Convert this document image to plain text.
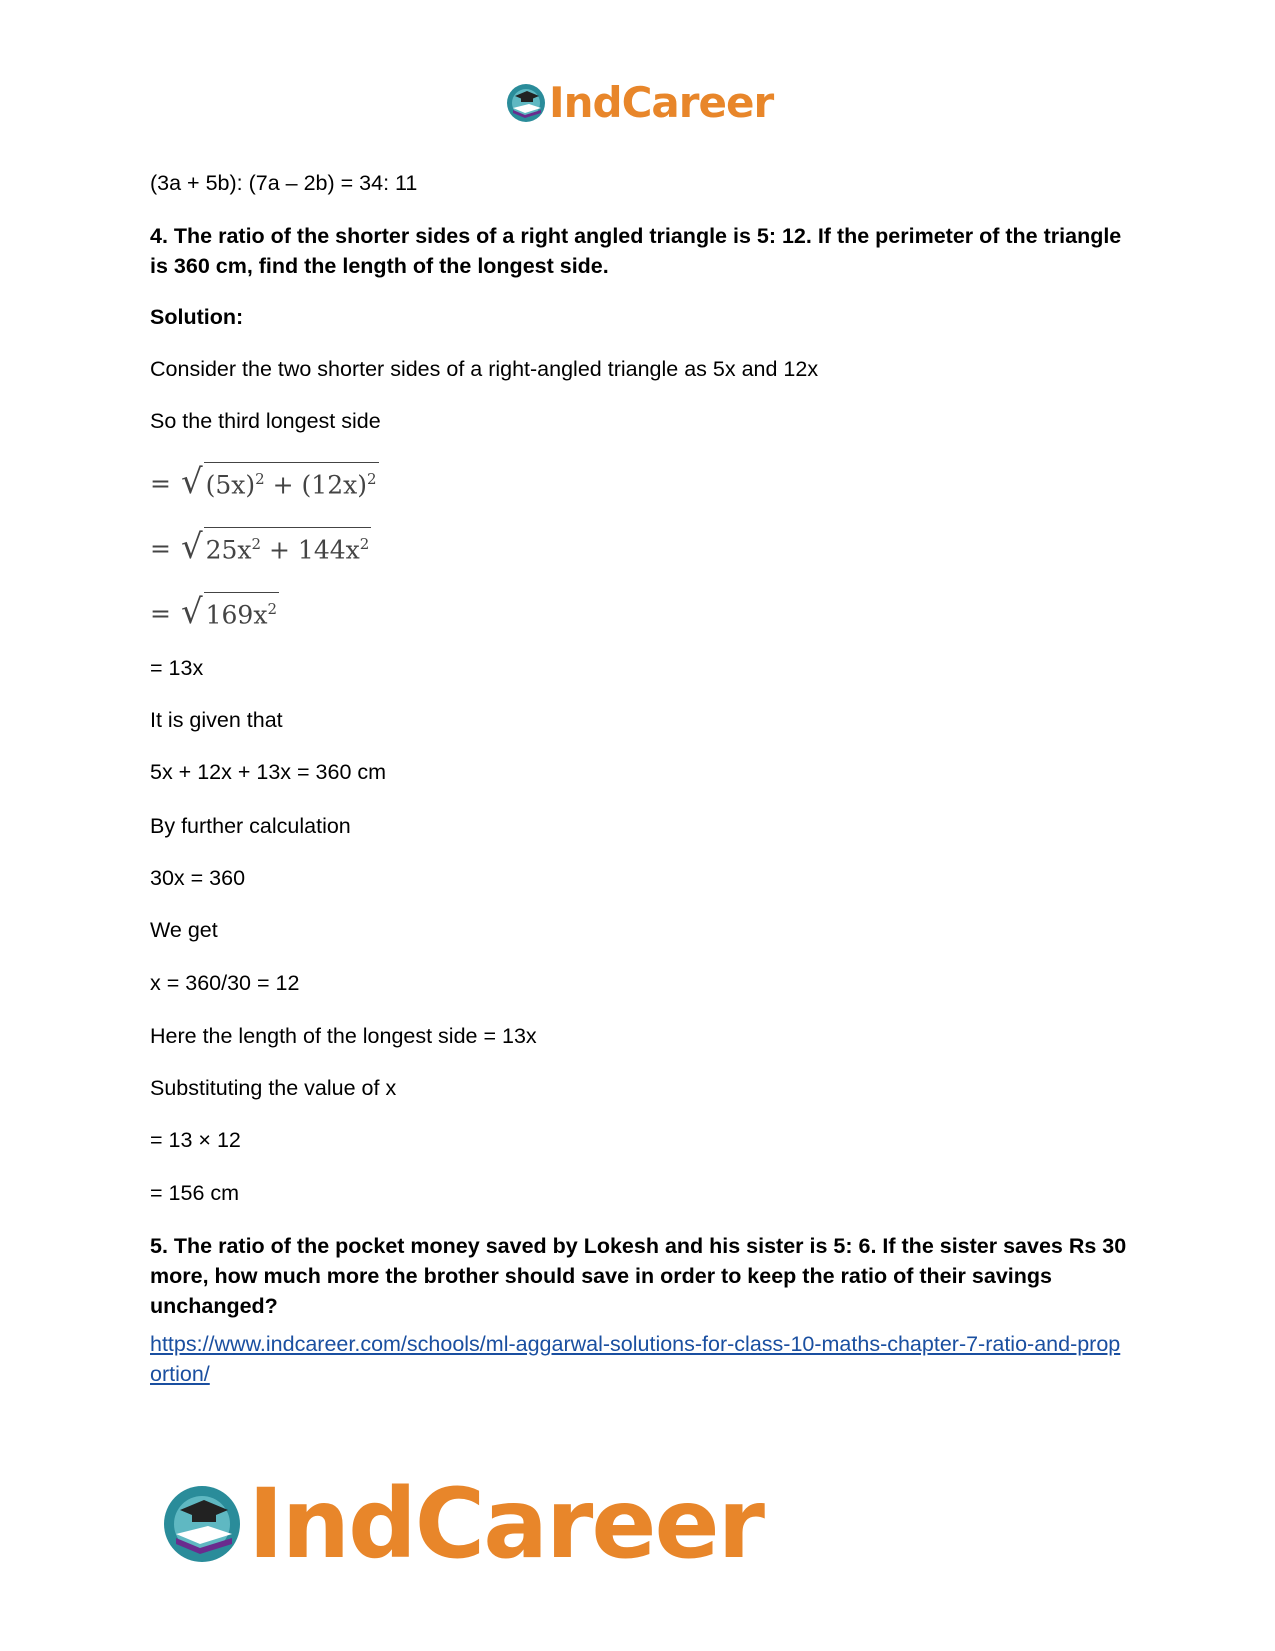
IndCareer
(3a + 5b): (7a – 2b) = 34: 11
4. The ratio of the shorter sides of a right angled triangle is 5: 12. If the perimeter of the triangle is 360 cm, find the length of the longest side.
Solution:
Consider the two shorter sides of a right-angled triangle as 5x and 12x
So the third longest side
= √ $(5x)^2 + (12x)^2$
= √ $25x^2 + 144x^2$
= √ $169x^2$
= 13x
It is given that
5x + 12x + 13x = 360 cm
By further calculation
30x = 360
We get
x = 360/30 = 12
Here the length of the longest side = 13x
Substituting the value of x
= 13 × 12
= 156 cm
5. The ratio of the pocket money saved by Lokesh and his sister is 5: 6. If the sister saves Rs 30 more, how much more the brother should save in order to keep the ratio of their savings unchanged?
https://www.indcareer.com/schools/ml-aggarwal-solutions-for-class-10-maths-chapter-7-ratio-and-proportion/
IndCareer
